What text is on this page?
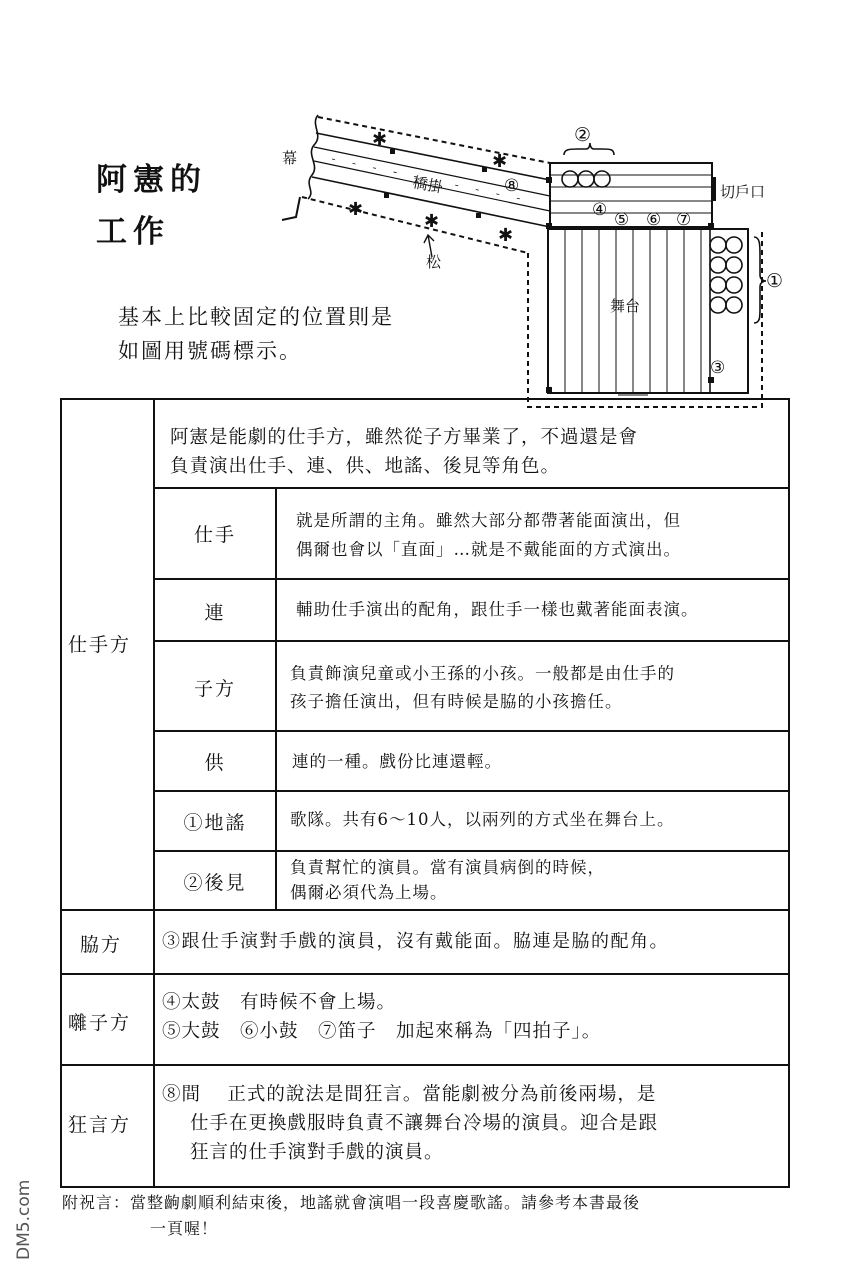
阿憲的
工作
✱
✱
✱
✱
✱
幕
橋掛
松
切戶口
舞台
①
②
③
④ ⑤ ⑥ ⑦
⑧
基本上比較固定的位置則是
如圖用號碼標示。
阿憲是能劇的仕手方，雖然從子方畢業了，不過還是會
負責演出仕手、連、供、地謠、後見等角色。
仕手方
脇方
囃子方
狂言方
仕手
連
子方
供
①地謠
②後見
就是所謂的主角。雖然大部分都帶著能面演出，但
偶爾也會以「直面」…就是不戴能面的方式演出。
輔助仕手演出的配角，跟仕手一樣也戴著能面表演。
負責飾演兒童或小王孫的小孩。一般都是由仕手的
孩子擔任演出，但有時候是脇的小孩擔任。
連的一種。戲份比連還輕。
歌隊。共有6～10人，以兩列的方式坐在舞台上。
負責幫忙的演員。當有演員病倒的時候，
偶爾必須代為上場。
③跟仕手演對手戲的演員，沒有戴能面。脇連是脇的配角。
④太鼓　有時候不會上場。
⑤大鼓　⑥小鼓　⑦笛子　加起來稱為「四拍子」。
⑧間　 正式的說法是間狂言。當能劇被分為前後兩場，是
仕手在更換戲服時負責不讓舞台冷場的演員。迎合是跟
狂言的仕手演對手戲的演員。
附祝言：當整齣劇順利結束後，地謠就會演唱一段喜慶歌謠。請參考本書最後
一頁喔！
DM5.com
